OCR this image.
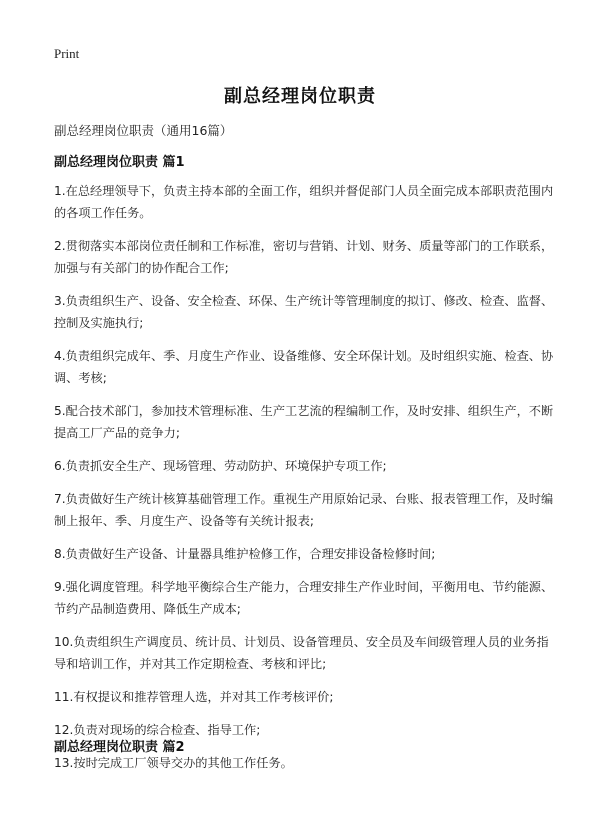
Print
副总经理岗位职责

副总经理岗位职责（通用16篇）

副总经理岗位职责 篇1
1.在总经理领导下，负责主持本部的全面工作，组织并督促部门人员全面完成本部职责范围内的各项工作任务。
2.贯彻落实本部岗位责任制和工作标准，密切与营销、计划、财务、质量等部门的工作联系，加强与有关部门的协作配合工作;
3.负责组织生产、设备、安全检查、环保、生产统计等管理制度的拟订、修改、检查、监督、控制及实施执行;
4.负责组织完成年、季、月度生产作业、设备维修、安全环保计划。及时组织实施、检查、协调、考核;
5.配合技术部门，参加技术管理标准、生产工艺流的程编制工作，及时安排、组织生产，不断提高工厂产品的竞争力;
6.负责抓安全生产、现场管理、劳动防护、环境保护专项工作;
7.负责做好生产统计核算基础管理工作。重视生产用原始记录、台账、报表管理工作，及时编制上报年、季、月度生产、设备等有关统计报表;
8.负责做好生产设备、计量器具维护检修工作，合理安排设备检修时间;
9.强化调度管理。科学地平衡综合生产能力，合理安排生产作业时间，平衡用电、节约能源、节约产品制造费用、降低生产成本;
10.负责组织生产调度员、统计员、计划员、设备管理员、安全员及车间级管理人员的业务指导和培训工作，并对其工作定期检查、考核和评比;
11.有权提议和推荐管理人选，并对其工作考核评价;
12.负责对现场的综合检查、指导工作;
13.按时完成工厂领导交办的其他工作任务。
副总经理岗位职责 篇2
